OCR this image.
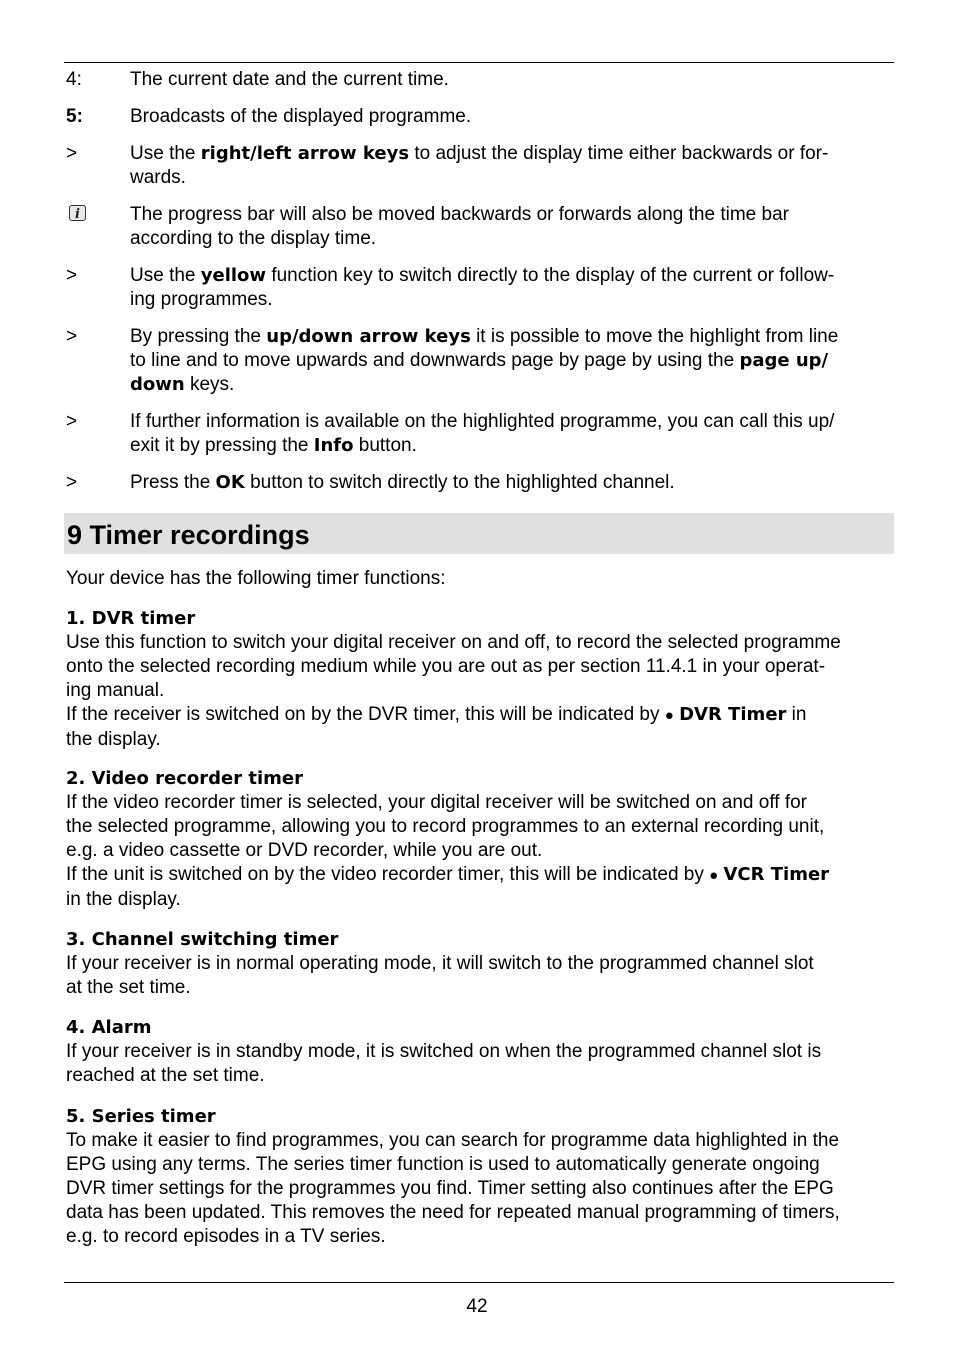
4:	The current date and the current time.
5:	Broadcasts of the displayed programme.
>	Use the right/left arrow keys to adjust the display time either backwards or for-
wards.
i	The progress bar will also be moved backwards or forwards along the time bar
according to the display time.
>	Use the yellow function key to switch directly to the display of the current or follow-
ing programmes.
>	By pressing the up/down arrow keys it is possible to move the highlight from line
to line and to move upwards and downwards page by page by using the page up/
down keys.
>	If further information is available on the highlighted programme, you can call this up/
exit it by pressing the Info button.
>	Press the OK button to switch directly to the highlighted channel.
9 Timer recordings
Your device has the following timer functions:
1. DVR timer
Use this function to switch your digital receiver on and off, to record the selected programme
onto the selected recording medium while you are out as per section 11.4.1 in your operat-
ing manual.
If the receiver is switched on by the DVR timer, this will be indicated by ● DVR Timer in
the display.
2. Video recorder timer
If the video recorder timer is selected, your digital receiver will be switched on and off for
the selected programme, allowing you to record programmes to an external recording unit,
e.g. a video cassette or DVD recorder, while you are out.
If the unit is switched on by the video recorder timer, this will be indicated by ● VCR Timer
in the display.
3. Channel switching timer
If your receiver is in normal operating mode, it will switch to the programmed channel slot
at the set time.
4. Alarm
If your receiver is in standby mode, it is switched on when the programmed channel slot is
reached at the set time.
5. Series timer
To make it easier to find programmes, you can search for programme data highlighted in the
EPG using any terms. The series timer function is used to automatically generate ongoing
DVR timer settings for the programmes you find. Timer setting also continues after the EPG
data has been updated. This removes the need for repeated manual programming of timers,
e.g. to record episodes in a TV series.
42
